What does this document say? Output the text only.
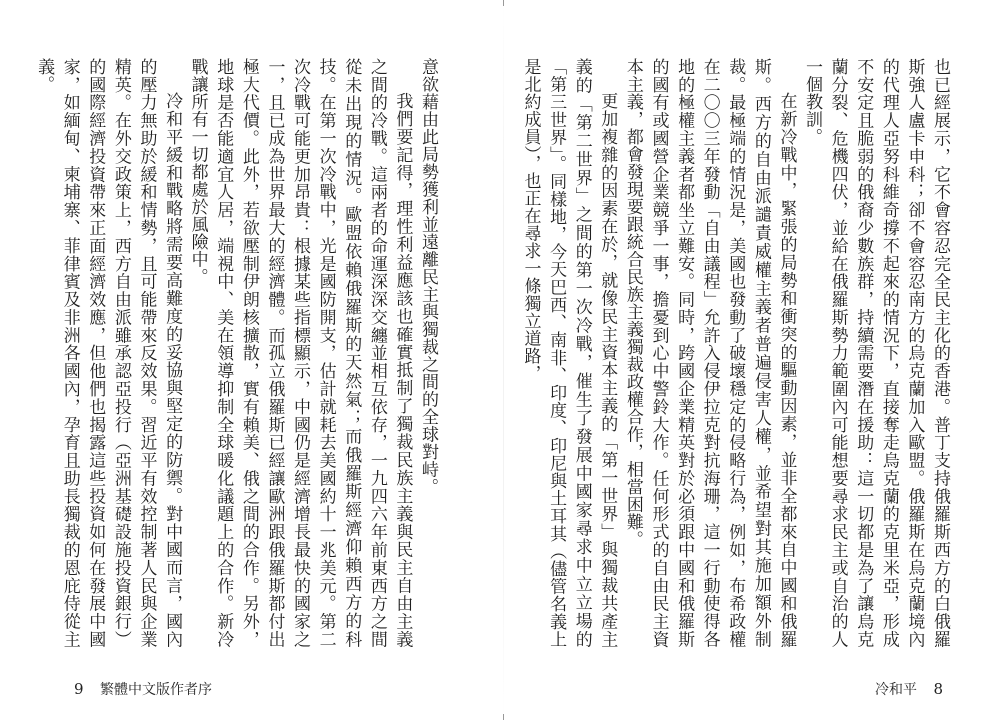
意欲藉由此局勢獲利並遠離民主與獨裁之間的全球對峙。

我們要記得，理性利益應該也確實抵制了獨裁民族主義與民主自由主義之間的冷戰。這兩者的命運深深交纏並相互依存，一九四六年前東西方之間從未出現的情況。歐盟依賴俄羅斯的天然氣；而俄羅斯經濟仰賴西方的科技。在第一次冷戰中，光是國防開支，估計就耗去美國約十一兆美元。第二次冷戰可能更加昂貴：根據某些指標顯示，中國仍是經濟增長最快的國家之一，且已成為世界最大的經濟體。而孤立俄羅斯已經讓歐洲跟俄羅斯都付出極大代價。此外，若欲壓制伊朗核擴散，實有賴美、俄之間的合作。另外，地球是否能適宜人居，端視中、美在領導抑制全球暖化議題上的合作。新冷戰讓所有一切都處於風險中。

冷和平緩和戰略將需要高難度的妥協與堅定的防禦。對中國而言，國內的壓力無助於緩和情勢，且可能帶來反效果。習近平有效控制著人民與企業精英。在外交政策上，西方自由派雖承認亞投行（亞洲基礎設施投資銀行）的國際經濟投資帶來正面經濟效應，但他們也揭露這些投資如何在發展中國家，如緬甸、柬埔寨、菲律賓及非洲各國內，孕育且助長獨裁的恩庇侍從主義。

9 繁體中文版作者序

也已經展示，它不會容忍完全民主化的香港。普丁支持俄羅斯西方的白俄羅斯強人盧卡申科；卻不會容忍南方的烏克蘭加入歐盟。俄羅斯在烏克蘭境內的代理人亞努科維奇撐不起來的情況下，直接奪走烏克蘭的克里米亞，形成不安定且脆弱的俄裔少數族群，持續需要潛在援助：這一切都是為了讓烏克蘭分裂、危機四伏，並給在俄羅斯勢力範圍內可能想要尋求民主或自治的人一個教訓。

在新冷戰中，緊張的局勢和衝突的驅動因素，並非全都來自中國和俄羅斯。西方的自由派譴責威權主義者普遍侵害人權，並希望對其施加額外制裁。最極端的情況是，美國也發動了破壞穩定的侵略行為，例如，布希政權在二〇〇三年發動「自由議程」允許入侵伊拉克對抗海珊，這一行動使得各地的極權主義者都坐立難安。同時，跨國企業精英對於必須跟中國和俄羅斯的國有或國營企業競爭一事，擔憂到心中警鈴大作。任何形式的自由民主資本主義，都會發現要跟統合民族主義獨裁政權合作，相當困難。

更加複雜的因素在於，就像民主資本主義的「第一世界」與獨裁共產主義的「第二世界」之間的第一次冷戰，催生了發展中國家尋求中立立場的「第三世界」。同樣地，今天巴西、南非、印度、印尼與土耳其（儘管名義上是北約成員），也正在尋求一條獨立道路，

冷和平 8
